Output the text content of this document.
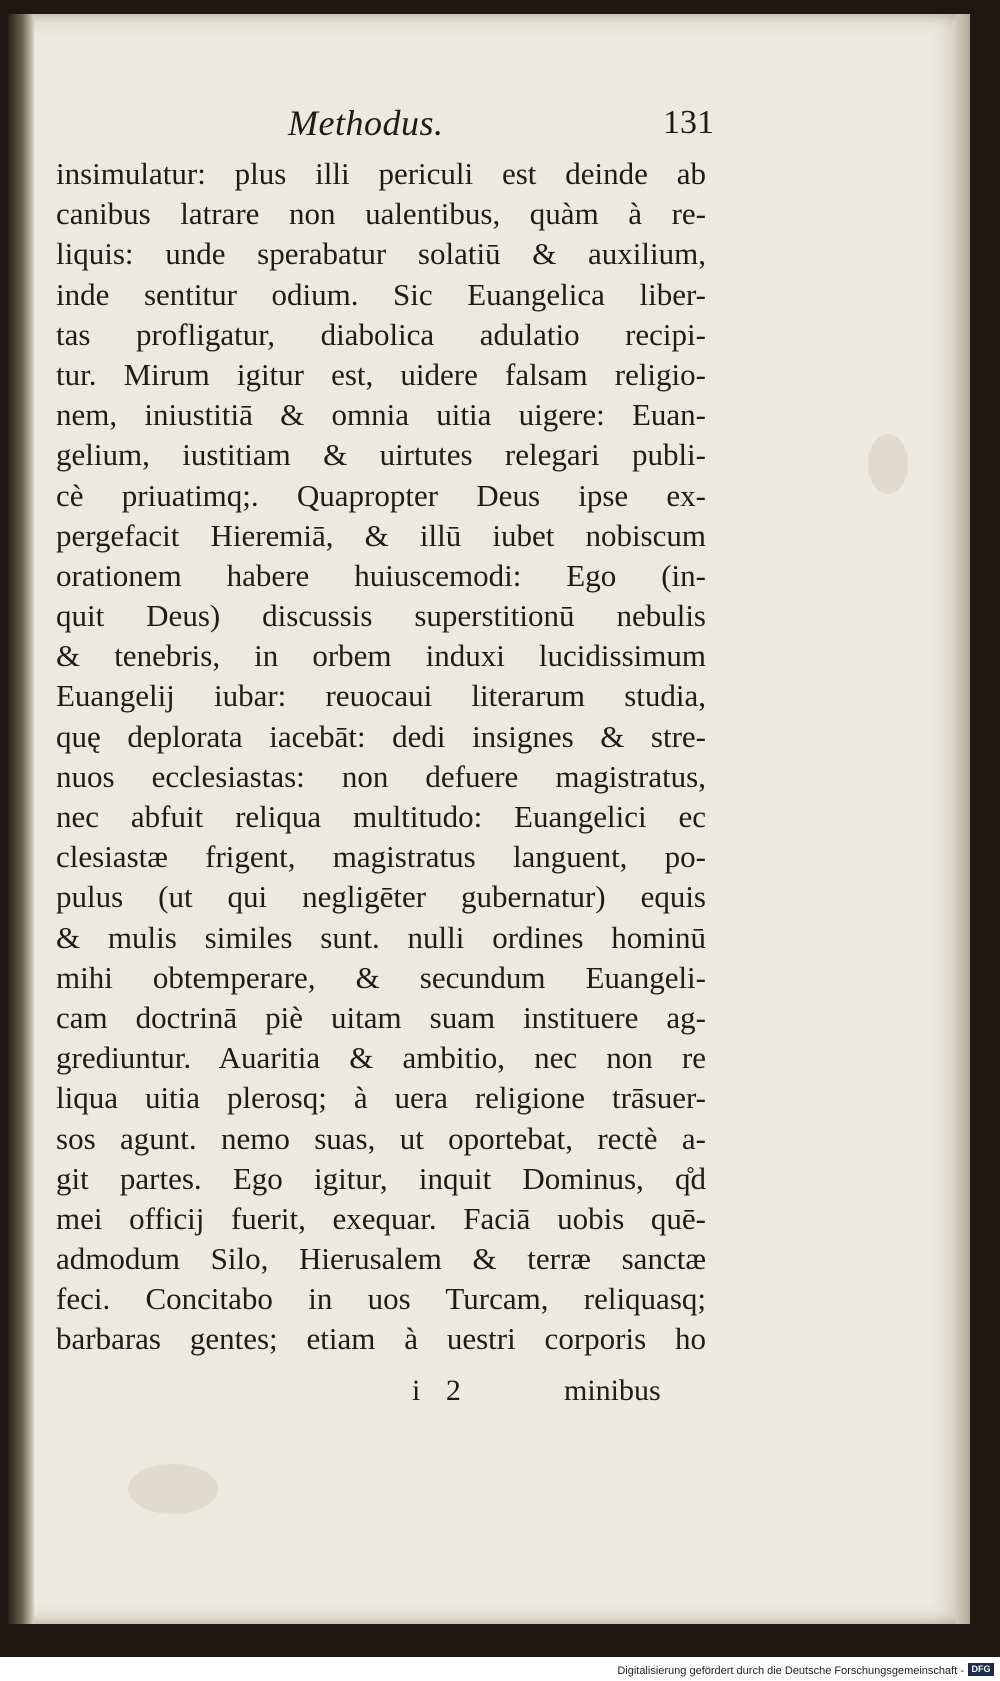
Methodus.	131
insimulatur: plus illi periculi est deinde ab
canibus latrare non ualentibus, quàm à re-
liquis: unde sperabatur solatiū & auxilium,
inde sentitur odium. Sic Euangelica liber-
tas profligatur, diabolica adulatio recipi-
tur. Mirum igitur est, uidere falsam religio-
nem, iniustitiā & omnia uitia uigere: Euan-
gelium, iustitiam & uirtutes relegari publi-
cè priuatimq;. Quapropter Deus ipse ex-
pergefacit Hieremiā, & illū iubet nobiscum
orationem habere huiuscemodi: Ego (in-
quit Deus) discussis superstitionū nebulis
& tenebris, in orbem induxi lucidissimum
Euangelij iubar: reuocaui literarum studia,
quę deplorata iacebāt: dedi insignes & stre-
nuos ecclesiastas: non defuere magistratus,
nec abfuit reliqua multitudo: Euangelici ec
clesiastæ frigent, magistratus languent, po-
pulus (ut qui negligēter gubernatur) equis
& mulis similes sunt. nulli ordines hominū
mihi obtemperare, & secundum Euangeli-
cam doctrinā piè uitam suam instituere ag-
grediuntur. Auaritia & ambitio, nec non re
liqua uitia plerosq; à uera religione trāsuer-
sos agunt. nemo suas, ut oportebat, rectè a-
git partes. Ego igitur, inquit Dominus, q̊d
mei officij fuerit, exequar. Faciā uobis quē-
admodum Silo, Hierusalem & terræ sanctæ
feci. Concitabo in uos Turcam, reliquasq;
barbaras gentes; etiam à uestri corporis ho
i 2	minibus
Digitalisierung gefördert durch die Deutsche Forschungsgemeinschaft - DFG
